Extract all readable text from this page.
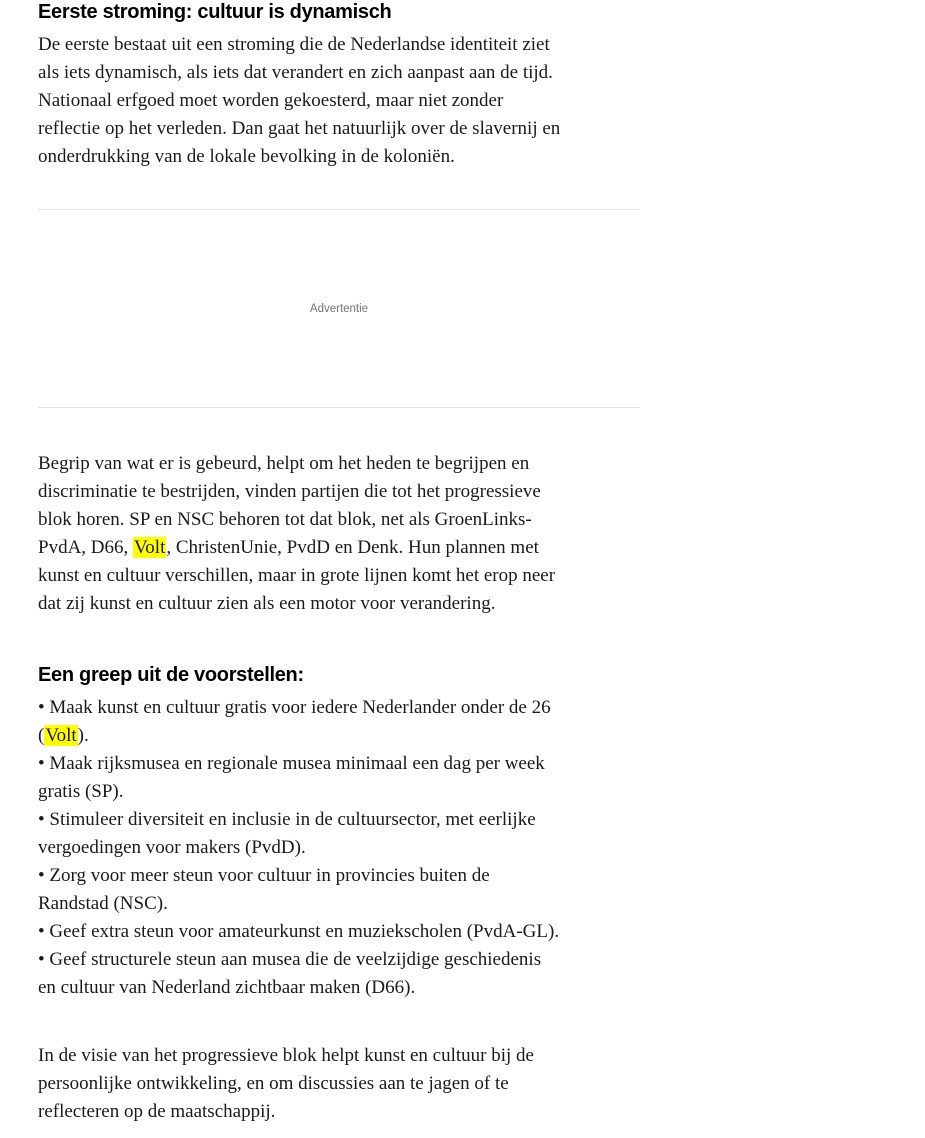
Eerste stroming: cultuur is dynamisch

De eerste bestaat uit een stroming die de Nederlandse identiteit ziet
als iets dynamisch, als iets dat verandert en zich aanpast aan de tijd.
Nationaal erfgoed moet worden gekoesterd, maar niet zonder
reflectie op het verleden. Dan gaat het natuurlijk over de slavernij en
onderdrukking van de lokale bevolking in de koloniën.

Advertentie

Begrip van wat er is gebeurd, helpt om het heden te begrijpen en
discriminatie te bestrijden, vinden partijen die tot het progressieve
blok horen. SP en NSC behoren tot dat blok, net als GroenLinks-
PvdA, D66, Volt, ChristenUnie, PvdD en Denk. Hun plannen met
kunst en cultuur verschillen, maar in grote lijnen komt het erop neer
dat zij kunst en cultuur zien als een motor voor verandering.

Een greep uit de voorstellen:

• Maak kunst en cultuur gratis voor iedere Nederlander onder de 26
(Volt).

• Maak rijksmusea en regionale musea minimaal een dag per week
gratis (SP).

• Stimuleer diversiteit en inclusie in de cultuursector, met eerlijke
vergoedingen voor makers (PvdD).

• Zorg voor meer steun voor cultuur in provincies buiten de
Randstad (NSC).

• Geef extra steun voor amateurkunst en muziekscholen (PvdA-GL).

• Geef structurele steun aan musea die de veelzijdige geschiedenis
en cultuur van Nederland zichtbaar maken (D66).

In de visie van het progressieve blok helpt kunst en cultuur bij de
persoonlijke ontwikkeling, en om discussies aan te jagen of te
reflecteren op de maatschappij.
